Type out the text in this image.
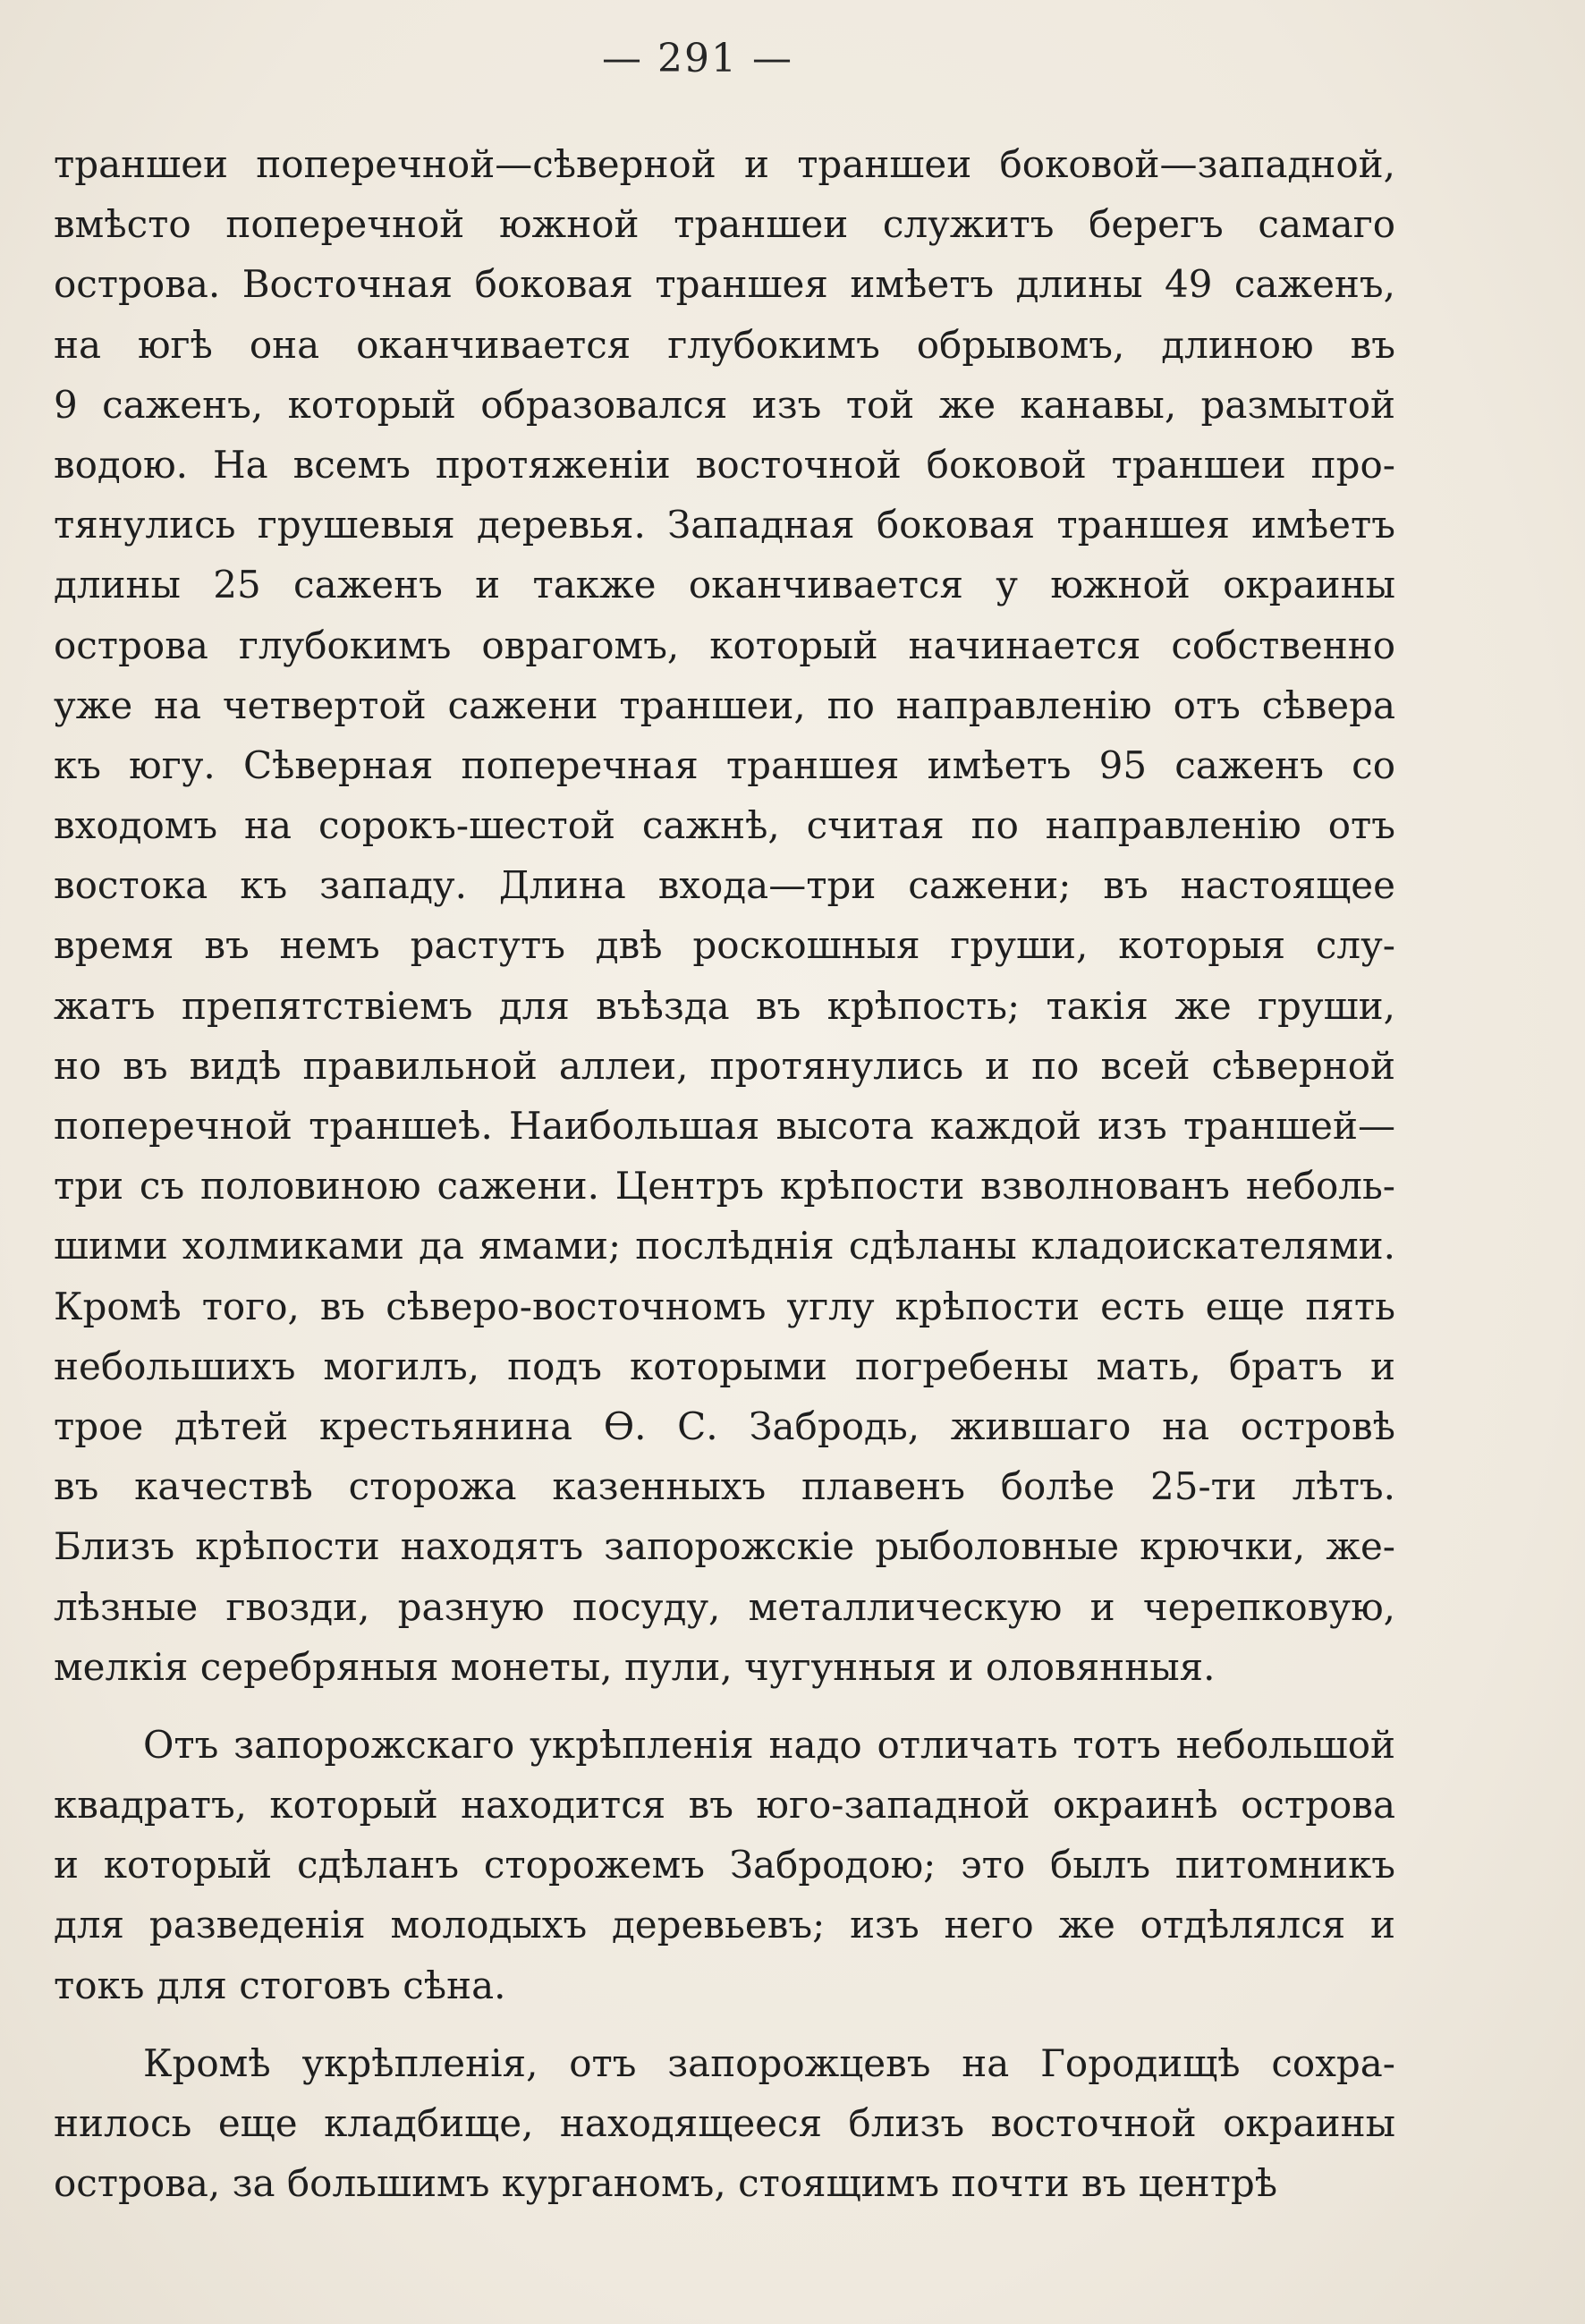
— 291 —
траншеи поперечной—сѣверной и траншеи боковой—западной,
вмѣсто поперечной южной траншеи служитъ берегъ самаго
острова. Восточная боковая траншея имѣетъ длины 49 саженъ,
на югѣ она оканчивается глубокимъ обрывомъ, длиною въ
9 саженъ, который образовался изъ той же канавы, размытой
водою. На всемъ протяженіи восточной боковой траншеи про-
тянулись грушевыя деревья. Западная боковая траншея имѣетъ
длины 25 саженъ и также оканчивается у южной окраины
острова глубокимъ оврагомъ, который начинается собственно
уже на четвертой сажени траншеи, по направленію отъ сѣвера
къ югу. Сѣверная поперечная траншея имѣетъ 95 саженъ со
входомъ на сорокъ-шестой сажнѣ, считая по направленію отъ
востока къ западу. Длина входа—три сажени; въ настоящее
время въ немъ растутъ двѣ роскошныя груши, которыя слу-
жатъ препятствіемъ для въѣзда въ крѣпость; такія же груши,
но въ видѣ правильной аллеи, протянулись и по всей сѣверной
поперечной траншеѣ. Наибольшая высота каждой изъ траншей—
три съ половиною сажени. Центръ крѣпости взволнованъ неболь-
шими холмиками да ямами; послѣднія сдѣланы кладоискателями.
Кромѣ того, въ сѣверо-восточномъ углу крѣпости есть еще пять
небольшихъ могилъ, подъ которыми погребены мать, братъ и
трое дѣтей крестьянина Ѳ. С. Забродь, жившаго на островѣ
въ качествѣ сторожа казенныхъ плавенъ болѣе 25-ти лѣтъ.
Близъ крѣпости находятъ запорожскіе рыболовные крючки, же-
лѣзные гвозди, разную посуду, металлическую и черепковую,
мелкія серебряныя монеты, пули, чугунныя и оловянныя.
Отъ запорожскаго укрѣпленія надо отличать тотъ небольшой
квадратъ, который находится въ юго-западной окраинѣ острова
и который сдѣланъ сторожемъ Забродою; это былъ питомникъ
для разведенія молодыхъ деревьевъ; изъ него же отдѣлялся и
токъ для стоговъ сѣна.
Кромѣ укрѣпленія, отъ запорожцевъ на Городищѣ сохра-
нилось еще кладбище, находящееся близъ восточной окраины
острова, за большимъ курганомъ, стоящимъ почти въ центрѣ
